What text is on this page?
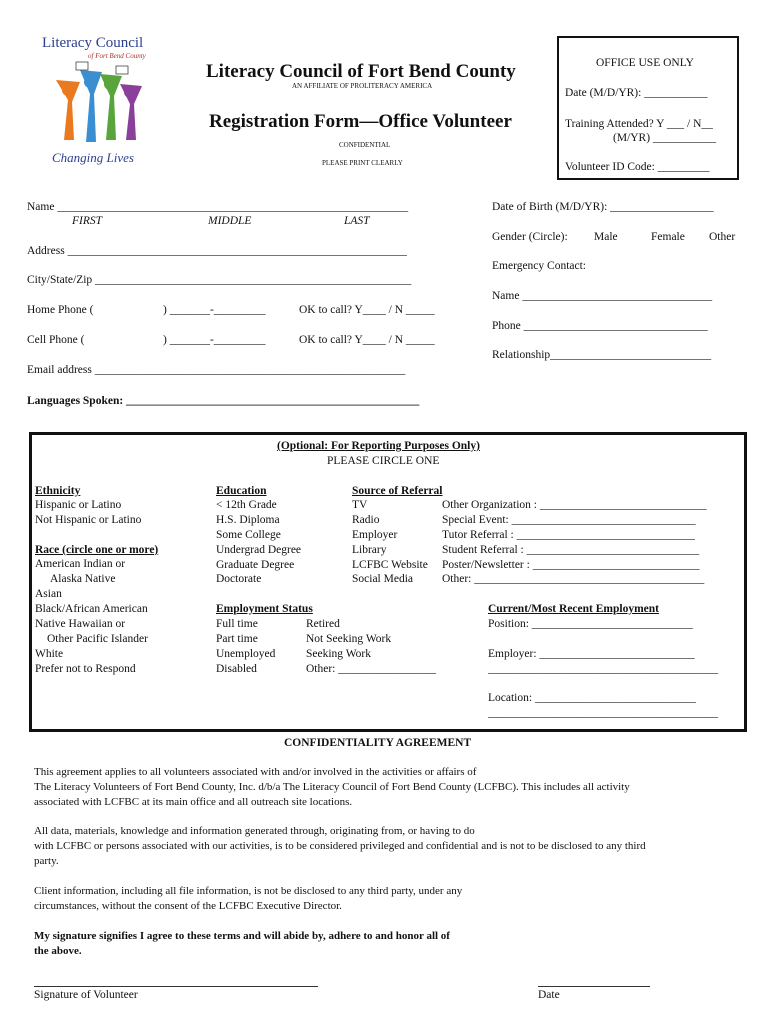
Literacy Council
of Fort Bend County
Changing Lives
Literacy Council of Fort Bend County
AN AFFILIATE OF PROLITERACY AMERICA
Registration Form—Office Volunteer
CONFIDENTIAL
PLEASE PRINT CLEARLY
OFFICE USE ONLY
Date (M/D/YR): ___________
Training Attended? Y ___ / N__
(M/YR) ___________
Volunteer ID Code: _________
Name _____________________________________________________________
FIRST	MIDDLE	LAST
Address ___________________________________________________________
City/State/Zip _______________________________________________________
Home Phone (	) _______-_________	OK to call? Y____ / N _____
Cell Phone (	) _______-_________	OK to call? Y____ / N _____
Email address ______________________________________________________
Languages Spoken: ___________________________________________________
Date of Birth (M/D/YR): __________________
Gender (Circle): Male	Female Other
Emergency Contact:
Name _________________________________
Phone ________________________________
Relationship____________________________
(Optional: For Reporting Purposes Only)
PLEASE CIRCLE ONE
Ethnicity
Hispanic or Latino
Not Hispanic or Latino
Race (circle one or more)
American Indian or
Alaska Native
Asian
Black/African American
Native Hawaiian or
Other Pacific Islander
White
Prefer not to Respond
Education
< 12th Grade
H.S. Diploma
Some College
Undergrad Degree
Graduate Degree
Doctorate
Source of Referral
TV
Radio
Employer
Library
LCFBC Website
Social Media
Other Organization : _____________________________
Special Event: ________________________________
Tutor Referral : _______________________________
Student Referral : ______________________________
Poster/Newsletter : _____________________________
Other: ________________________________________
Employment Status
Full time
Part time
Unemployed
Disabled
Retired
Not Seeking Work
Seeking Work
Other: _________________
Current/Most Recent Employment
Position: ____________________________
Employer: ___________________________
________________________________________
Location: ____________________________
________________________________________
CONFIDENTIALITY AGREEMENT
This agreement applies to all volunteers associated with and/or involved in the activities or affairs of
The Literacy Volunteers of Fort Bend County, Inc. d/b/a The Literacy Council of Fort Bend County (LCFBC). This includes all activity
associated with LCFBC at its main office and all outreach site locations.
All data, materials, knowledge and information generated through, originating from, or having to do
with LCFBC or persons associated with our activities, is to be considered privileged and confidential and is not to be disclosed to any third
party.
Client information, including all file information, is not be disclosed to any third party, under any
circumstances, without the consent of the LCFBC Executive Director.
My signature signifies I agree to these terms and will abide by, adhere to and honor all of
the above.
Signature of Volunteer	Date
